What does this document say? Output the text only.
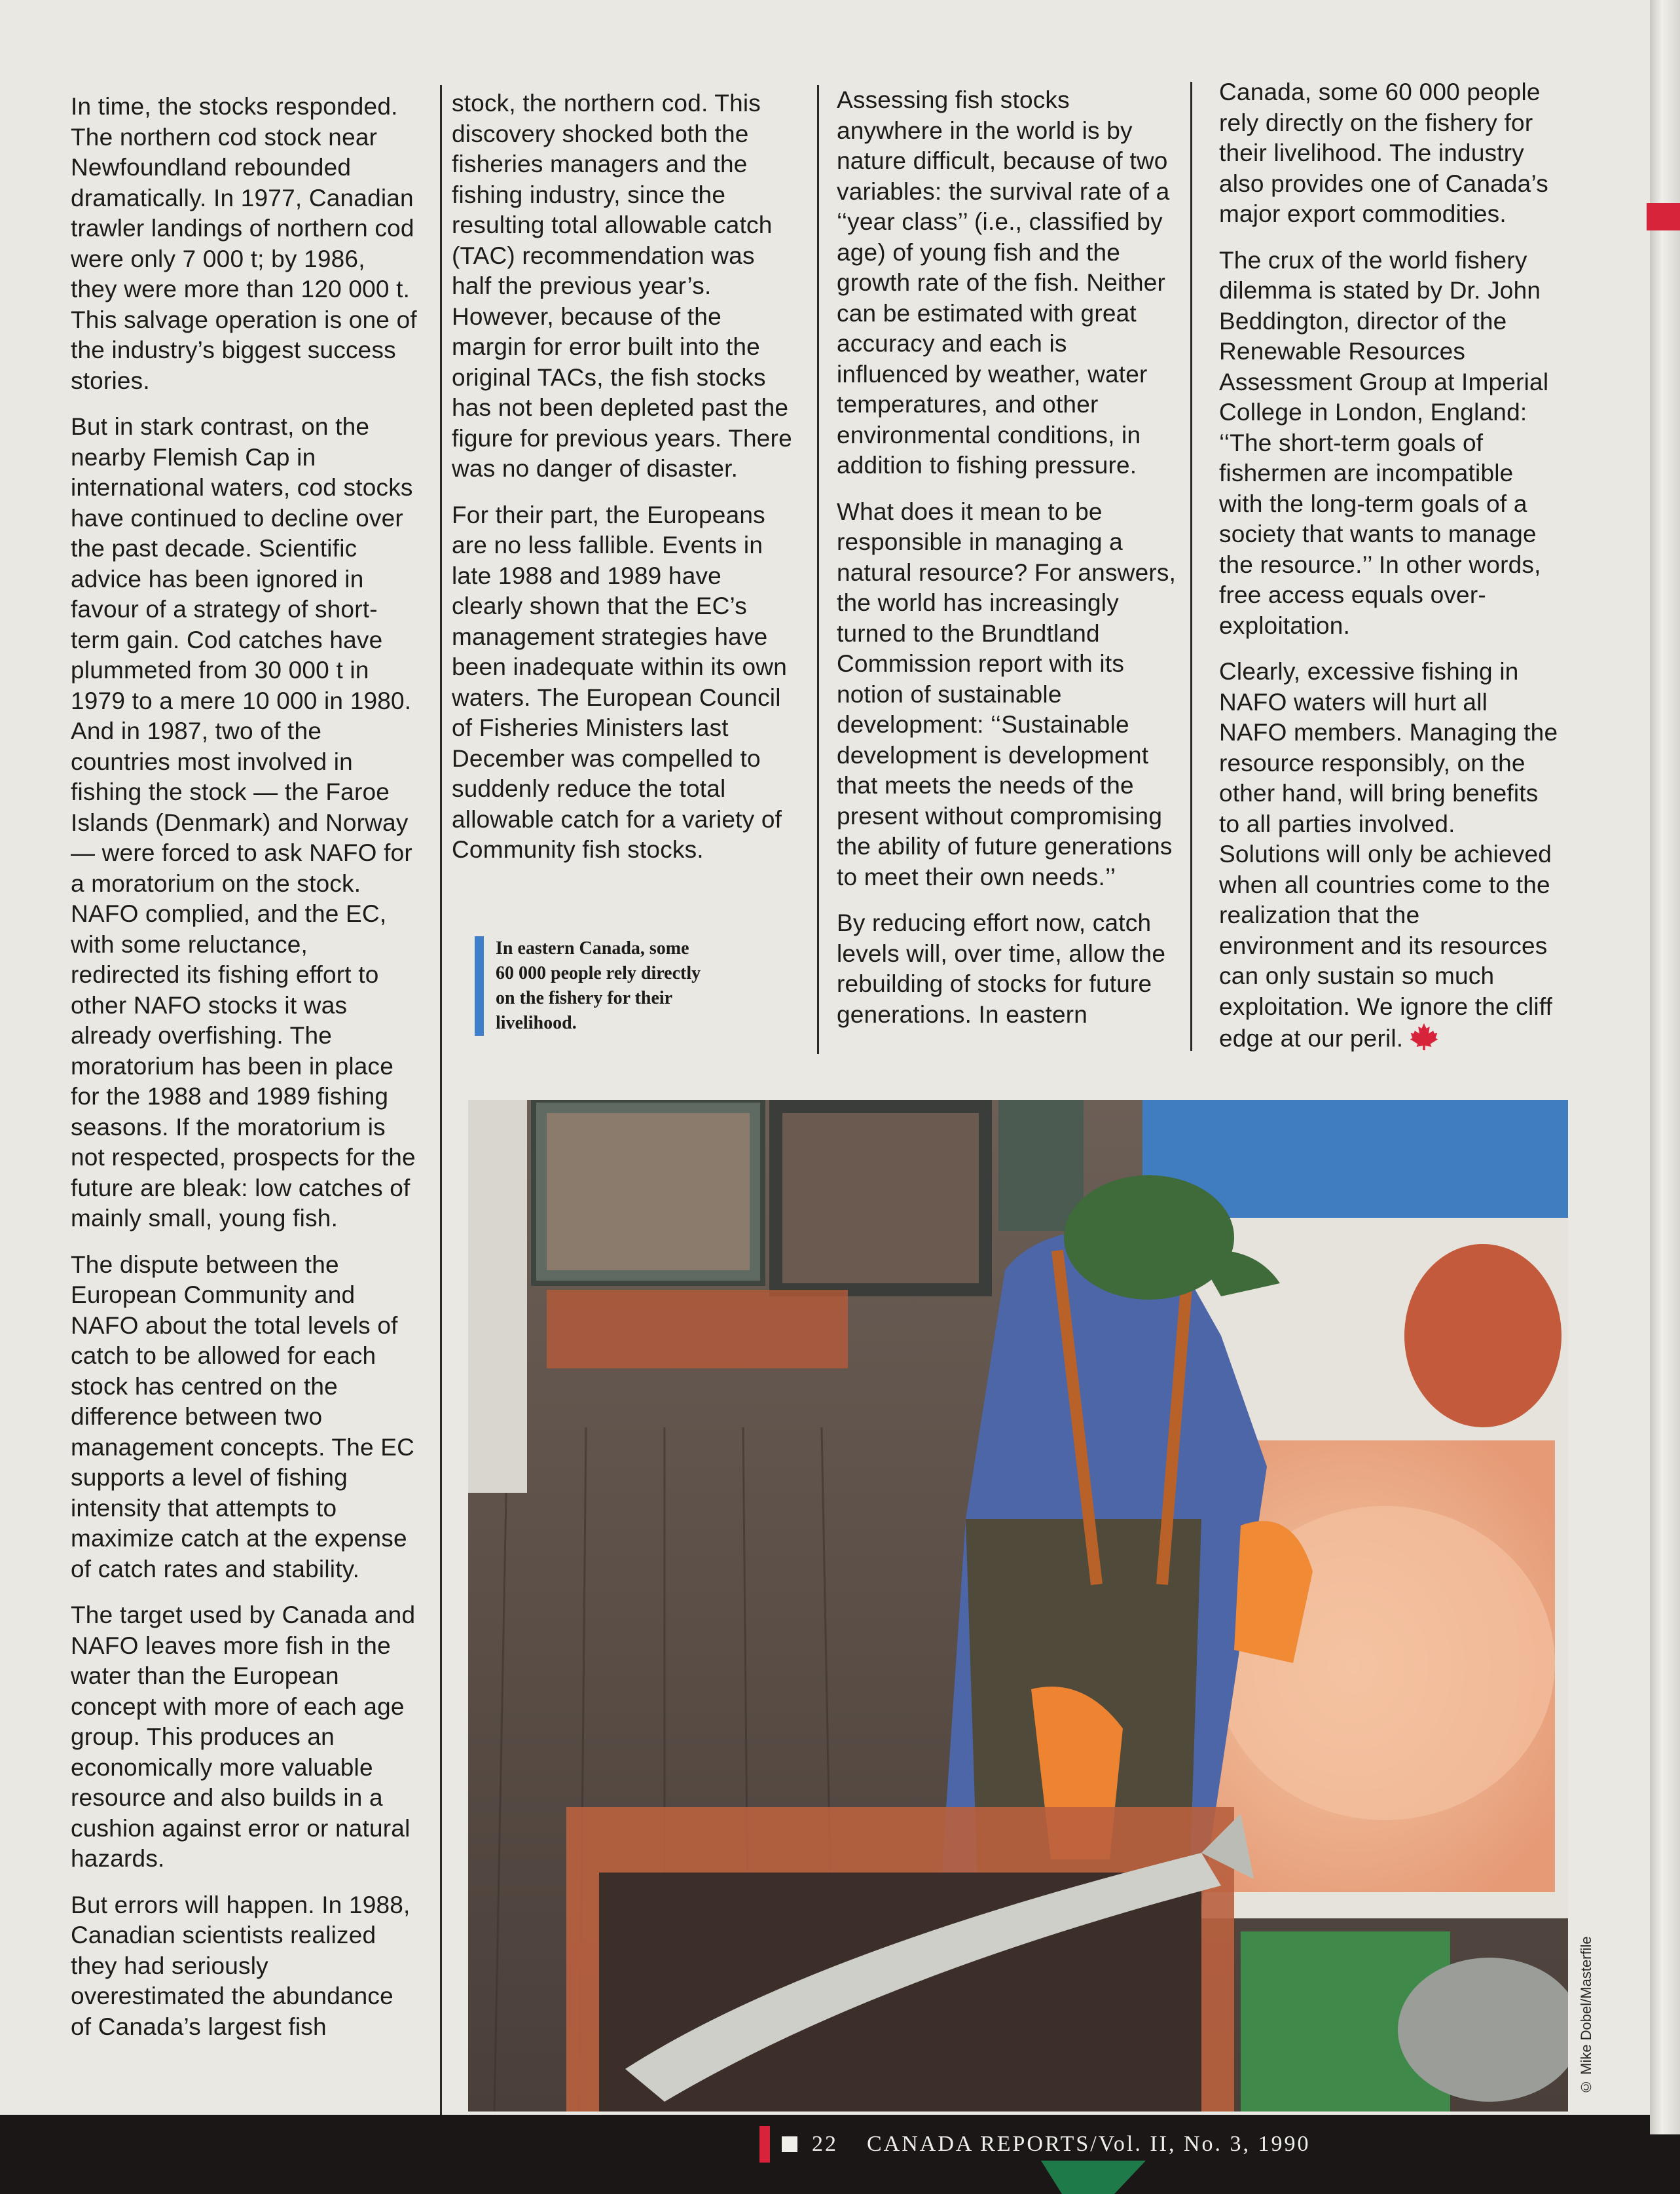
In time, the stocks responded. The northern cod stock near Newfoundland rebounded dramatically. In 1977, Canadian trawler landings of northern cod were only 7 000 t; by 1986, they were more than 120 000 t. This salvage operation is one of the industry’s biggest success stories.

But in stark contrast, on the nearby Flemish Cap in international waters, cod stocks have continued to decline over the past decade. Scientific advice has been ignored in favour of a strategy of short-term gain. Cod catches have plummeted from 30 000 t in 1979 to a mere 10 000 in 1980. And in 1987, two of the countries most involved in fishing the stock — the Faroe Islands (Denmark) and Norway — were forced to ask NAFO for a moratorium on the stock. NAFO complied, and the EC, with some reluctance, redirected its fishing effort to other NAFO stocks it was already overfishing. The moratorium has been in place for the 1988 and 1989 fishing seasons. If the moratorium is not respected, prospects for the future are bleak: low catches of mainly small, young fish.

The dispute between the European Community and NAFO about the total levels of catch to be allowed for each stock has centred on the difference between two management concepts. The EC supports a level of fishing intensity that attempts to maximize catch at the expense of catch rates and stability.

The target used by Canada and NAFO leaves more fish in the water than the European concept with more of each age group. This produces an economically more valuable resource and also builds in a cushion against error or natural hazards.

But errors will happen. In 1988, Canadian scientists realized they had seriously overestimated the abundance of Canada’s largest fish

stock, the northern cod. This discovery shocked both the fisheries managers and the fishing industry, since the resulting total allowable catch (TAC) recommendation was half the previous year’s. However, because of the margin for error built into the original TACs, the fish stocks has not been depleted past the figure for previous years. There was no danger of disaster.

For their part, the Europeans are no less fallible. Events in late 1988 and 1989 have clearly shown that the EC’s management strategies have been inadequate within its own waters. The European Council of Fisheries Ministers last December was compelled to suddenly reduce the total allowable catch for a variety of Community fish stocks.

In eastern Canada, some 60 000 people rely directly on the fishery for their livelihood.

Assessing fish stocks anywhere in the world is by nature difficult, because of two variables: the survival rate of a ‘‘year class’’ (i.e., classified by age) of young fish and the growth rate of the fish. Neither can be estimated with great accuracy and each is influenced by weather, water temperatures, and other environmental conditions, in addition to fishing pressure.

What does it mean to be responsible in managing a natural resource? For answers, the world has increasingly turned to the Brundtland Commission report with its notion of sustainable development: ‘‘Sustainable development is development that meets the needs of the present without compromising the ability of future generations to meet their own needs.’’

By reducing effort now, catch levels will, over time, allow the rebuilding of stocks for future generations. In eastern

Canada, some 60 000 people rely directly on the fishery for their livelihood. The industry also provides one of Canada’s major export commodities.

The crux of the world fishery dilemma is stated by Dr. John Beddington, director of the Renewable Resources Assessment Group at Imperial College in London, England: ‘‘The short-term goals of fishermen are incompatible with the long-term goals of a society that wants to manage the resource.’’ In other words, free access equals over-exploitation.

Clearly, excessive fishing in NAFO waters will hurt all NAFO members. Managing the resource responsibly, on the other hand, will bring benefits to all parties involved. Solutions will only be achieved when all countries come to the realization that the environment and its resources can only sustain so much exploitation. We ignore the cliff edge at our peril.

© Mike Dobel/Masterfile
22 CANADA REPORTS/Vol. II, No. 3, 1990
